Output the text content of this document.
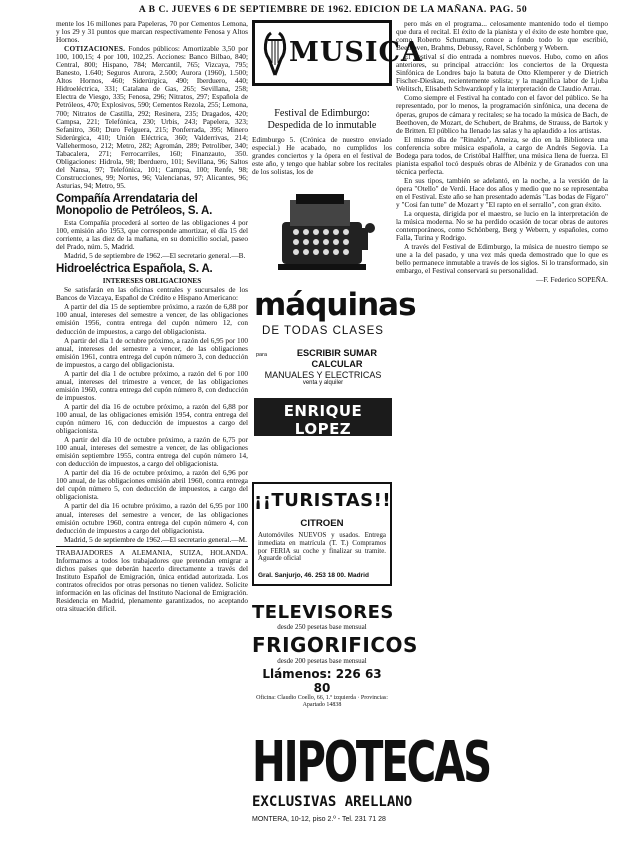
A B C. JUEVES 6 DE SEPTIEMBRE DE 1962. EDICION DE LA MAÑANA. PAG. 50

mente los 16 millones para Papeleras, 70 por Cementos Lemona, y los 29 y 31 puntos que marcan respectivamente Fenosa y Altos Hornos.

COTIZACIONES. Fondos públicos: Amortizable 3,50 por 100, 100,15; 4 por 100, 102,25. Acciones: Banco Bilbao, 840; Central, 800; Hispano, 784; Mercantil, 765; Vizcaya, 795; Banesto, 1.640; Seguros Aurora, 2.500; Aurora (1960), 1.500; Altos Hornos, 460; Siderúrgica, 490; Iberduero, 440; Hidroeléctrica, 331; Catalana de Gas, 265; Sevillana, 258; Electra de Viesgo, 335; Fenosa, 296; Nitratos, 297; Española de Petróleos, 470; Explosivos, 590; Cementos Rezola, 255; Lemona, 700; Nitratos de Castilla, 292; Resinera, 235; Dragados, 420; Campsa, 221; Telefónica, 230; Urbis, 243; Papelera, 323; Sefanitro, 360; Duro Felguera, 215; Ponferrada, 395; Minero Siderúrgica, 410; Unión Eléctrica, 360; Valderrivas, 214; Vallehermoso, 212; Metro, 282; Agromán, 289; Petrolíber, 340; Tabacalera, 271; Ferrocarriles, 160; Finanzauto, 350. Obligaciones: Hidrola, 98; Iberduero, 101; Sevillana, 96; Saltos del Nansa, 97; Telefónica, 101; Campsa, 100; Renfe, 98; Construcciones, 99; Nortes, 96; Valencianas, 97; Alicantes, 96; Asturias, 94; Metro, 95.

Compañía Arrendataria del Monopolio de Petróleos, S. A.

Esta Compañía procederá al sorteo de las obligaciones 4 por 100, emisión año 1953, que corresponde amortizar, el día 15 del corriente, a las diez de la mañana, en su domicilio social, paseo del Prado, núm. 5, Madrid.

Madrid, 5 de septiembre de 1962.—El secretario general.—B.

Hidroeléctrica Española, S. A.
INTERESES OBLIGACIONES

Se satisfarán en las oficinas centrales y sucursales de los Bancos de Vizcaya, Español de Crédito e Hispano Americano:

A partir del día 15 de septiembre próximo, a razón de 6,88 por 100 anual, intereses del semestre a vencer, de las obligaciones emisión 1956, contra entrega del cupón número 12, con deducción de impuestos, a cargo del obligacionista.

A partir del día 1 de octubre próximo, a razón del 6,95 por 100 anual, intereses del semestre a vencer, de las obligaciones emisión 1961, contra entrega del cupón número 3, con deducción de impuestos, a cargo del obligacionista.

A partir del día 1 de octubre próximo, a razón del 6 por 100 anual, intereses del trimestre a vencer, de las obligaciones emisión 1960, contra entrega del cupón número 8, con deducción de impuestos.

A partir del día 16 de octubre próximo, a razón del 6,88 por 100 anual, de las obligaciones emisión 1954, contra entrega del cupón número 16, con deducción de impuestos a cargo del obligacionista.

A partir del día 10 de octubre próximo, a razón de 6,75 por 100 anual, intereses del semestre a vencer, de las obligaciones emisión septiembre 1955, contra entrega del cupón número 14, con deducción de impuestos, a cargo del obligacionista.

A partir del día 16 de octubre próximo, a razón del 6,96 por 100 anual, de las obligaciones emisión abril 1960, contra entrega del cupón número 5, con deducción de impuestos, a cargo del obligacionista.

A partir del día 16 octubre próximo, a razón del 6,95 por 100 anual, intereses del semestre a vencer, de las obligaciones emisión octubre 1960, contra entrega del cupón número 4, con deducción de impuestos a cargo del obligacionista.

Madrid, 5 de septiembre de 1962.—El secretario general.—M.

TRABAJADORES A ALEMANIA, SUIZA, HOLANDA. Informamos a todos los trabajadores que pretendan emigrar a dichos países que deberán hacerlo directamente a través del Instituto Español de Emigración, única entidad autorizada. Los contratos ofrecidos por otras personas no tienen validez. Solicite información en las oficinas del Instituto Nacional de Emigración. Residencia en Madrid, plenamente garantizados, no aceptando otra situación difícil.

MUSICA
Festival de Edimburgo: Despedida de lo inmutable
Edimburgo 5. (Crónica de nuestro enviado especial.) He acabado, no cumplidos los grandes conciertos y la ópera en el festival de este año, y tengo que hablar sobre los recitales de los solistas, los de
máquinas
DE TODAS CLASES
para	ESCRIBIR SUMAR CALCULAR
MANUALES Y ELECTRICAS
venta y alquiler
ENRIQUE LOPEZ
Almacén de Máquinas de Oficina — Puerta del Sol, 6
¡¡TURISTAS!!
CITROEN
Automóviles NUEVOS y usados. Entrega inmediata en matrícula (T. T.) Compramos por FERIA su coche y finalizar su tramite. Aguarde oficial
Gral. Sanjurjo, 46. 253 18 00. Madrid
TELEVISORES
desde 250 pesetas base mensual
FRIGORIFICOS
desde 200 pesetas base mensual
Llámenos: 226 63 80
Oficina: Claudio Coello, 66, 1.º izquierda · Provincias: Apartado 14838

pero más en el programa... celosamente mantenido todo el tiempo que dura el recital. El éxito de la pianista y el éxito de este hombre que, como Roberto Schumann, conoce a fondo todo lo que escribió, Beethoven, Brahms, Debussy, Ravel, Schönberg y Webern.

El Festival sí dio entrada a nombres nuevos. Hubo, como en años anteriores, su principal atracción: los conciertos de la Orquesta Sinfónica de Londres bajo la batuta de Otto Klemperer y de Dietrich Fischer-Dieskau, recientemente solista; y la magnífica labor de Ljuba Welitsch, Elisabeth Schwarzkopf y la interpretación de Claudio Arrau.

Como siempre el Festival ha contado con el favor del público. Se ha representado, por lo menos, la programación sinfónica, una decena de óperas, grupos de cámara y recitales; se ha tocado la música de Bach, de Beethoven, de Mozart, de Schubert, de Brahms, de Strauss, de Bartok y de Britten. El público ha llenado las salas y ha aplaudido a los artistas.

El mismo día de "Rinaldo", Ameiza, se dio en la Biblioteca una conferencia sobre música española, a cargo de Andrés Segovia. La Bodega para todos, de Cristóbal Halffter, una música llena de fuerza. El pianista español tocó después obras de Albéniz y de Granados con una técnica perfecta.

En sus tipos, también se adelantó, en la noche, a la versión de la ópera "Otello" de Verdi. Hace dos años y medio que no se representaba en el Festival. Este año se han presentado además "Las bodas de Fígaro" y "Cosi fan tutte" de Mozart y "El rapto en el serrallo", con gran éxito.

La orquesta, dirigida por el maestro, se lucio en la interpretación de la música moderna. No se ha perdido ocasión de tocar obras de autores contemporáneos, como Schönberg, Berg y Webern, y españoles, como Falla, Turina y Rodrigo.

A través del Festival de Edimburgo, la música de nuestro tiempo se une a la del pasado, y una vez más queda demostrado que lo que es bello permanece inmutable a través de los siglos. Si lo transformado, sin embargo, el Festival conservará su personalidad.

—F. Federico SOPEÑA.

HIPOTECAS
EXCLUSIVAS ARELLANO
MONTERA, 10-12, piso 2.º - Tel. 231 71 28
